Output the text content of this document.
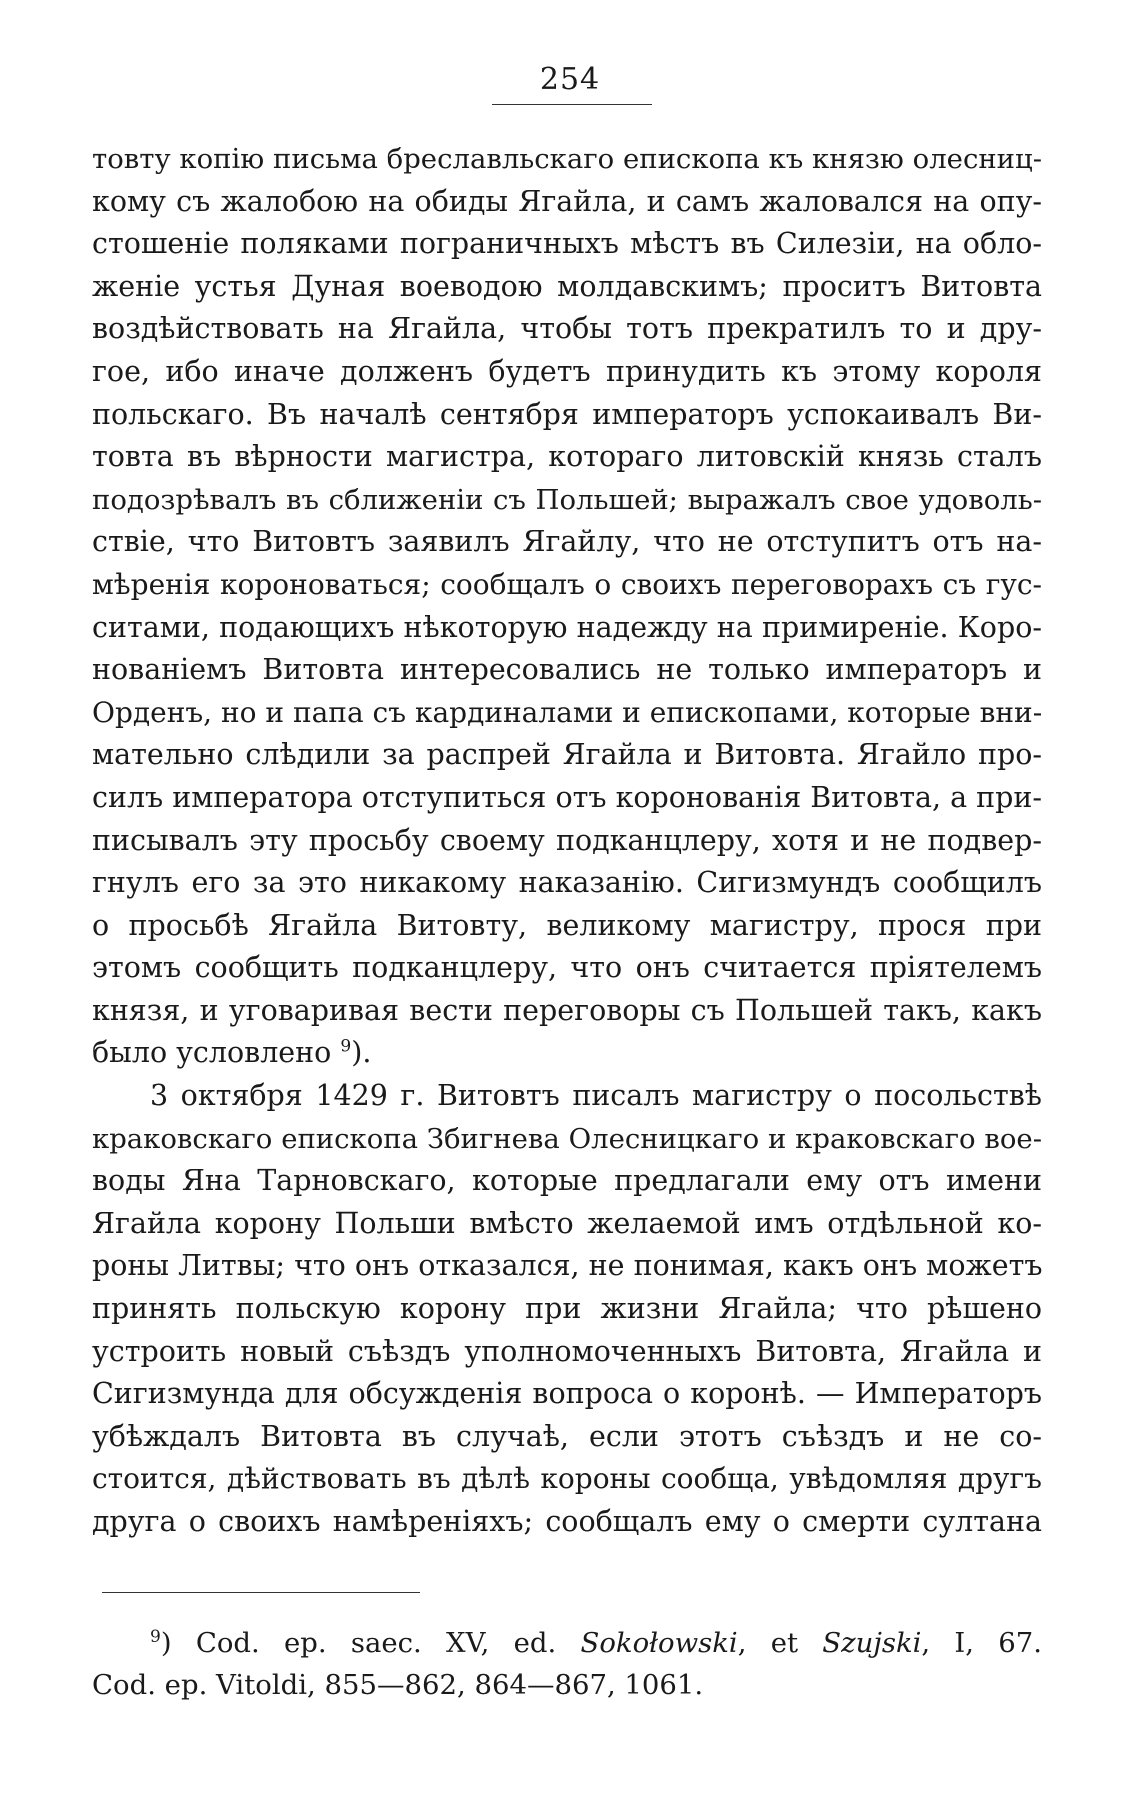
254
товту копію письма бреславльскаго епископа къ князю олесниц-
кому съ жалобою на обиды Ягайла, и самъ жаловался на опу-
стошеніе поляками пограничныхъ мѣстъ въ Силезіи, на обло-
женіе устья Дуная воеводою молдавскимъ; проситъ Витовта
воздѣйствовать на Ягайла, чтобы тотъ прекратилъ то и дру-
гое, ибо иначе долженъ будетъ принудить къ этому короля
польскаго. Въ началѣ сентября императоръ успокаивалъ Ви-
товта въ вѣрности магистра, котораго литовскій князь сталъ
подозрѣвалъ въ сближеніи съ Польшей; выражалъ свое удоволь-
ствіе, что Витовтъ заявилъ Ягайлу, что не отступитъ отъ на-
мѣренія короноваться; сообщалъ о своихъ переговорахъ съ гус-
ситами, подающихъ нѣкоторую надежду на примиреніе. Коро-
нованіемъ Витовта интересовались не только императоръ и
Орденъ, но и папа съ кардиналами и епископами, которые вни-
мательно слѣдили за распрей Ягайла и Витовта. Ягайло про-
силъ императора отступиться отъ коронованія Витовта, а при-
писывалъ эту просьбу своему подканцлеру, хотя и не подвер-
гнулъ его за это никакому наказанію. Сигизмундъ сообщилъ
о просьбѣ Ягайла Витовту, великому магистру, прося при
этомъ сообщить подканцлеру, что онъ считается пріятелемъ
князя, и уговаривая вести переговоры съ Польшей такъ, какъ
было условлено $^9$).
3 октября 1429 г. Витовтъ писалъ магистру о посольствѣ
краковскаго епископа Збигнева Олесницкаго и краковскаго вое-
воды Яна Тарновскаго, которые предлагали ему отъ имени
Ягайла корону Польши вмѣсто желаемой имъ отдѣльной ко-
роны Литвы; что онъ отказался, не понимая, какъ онъ можетъ
принять польскую корону при жизни Ягайла; что рѣшено
устроить новый съѣздъ уполномоченныхъ Витовта, Ягайла и
Сигизмунда для обсужденія вопроса о коронѣ. — Императоръ
убѣждалъ Витовта въ случаѣ, если этотъ съѣздъ и не со-
стоится, дѣйствовать въ дѣлѣ короны сообща, увѣдомляя другъ
друга о своихъ намѣреніяхъ; сообщалъ ему о смерти султана
$^9$) Cod. ep. saec. XV, ed. Sokołowski, et Szujski, I, 67.
Cod. ep. Vitoldi, 855—862, 864—867, 1061.
